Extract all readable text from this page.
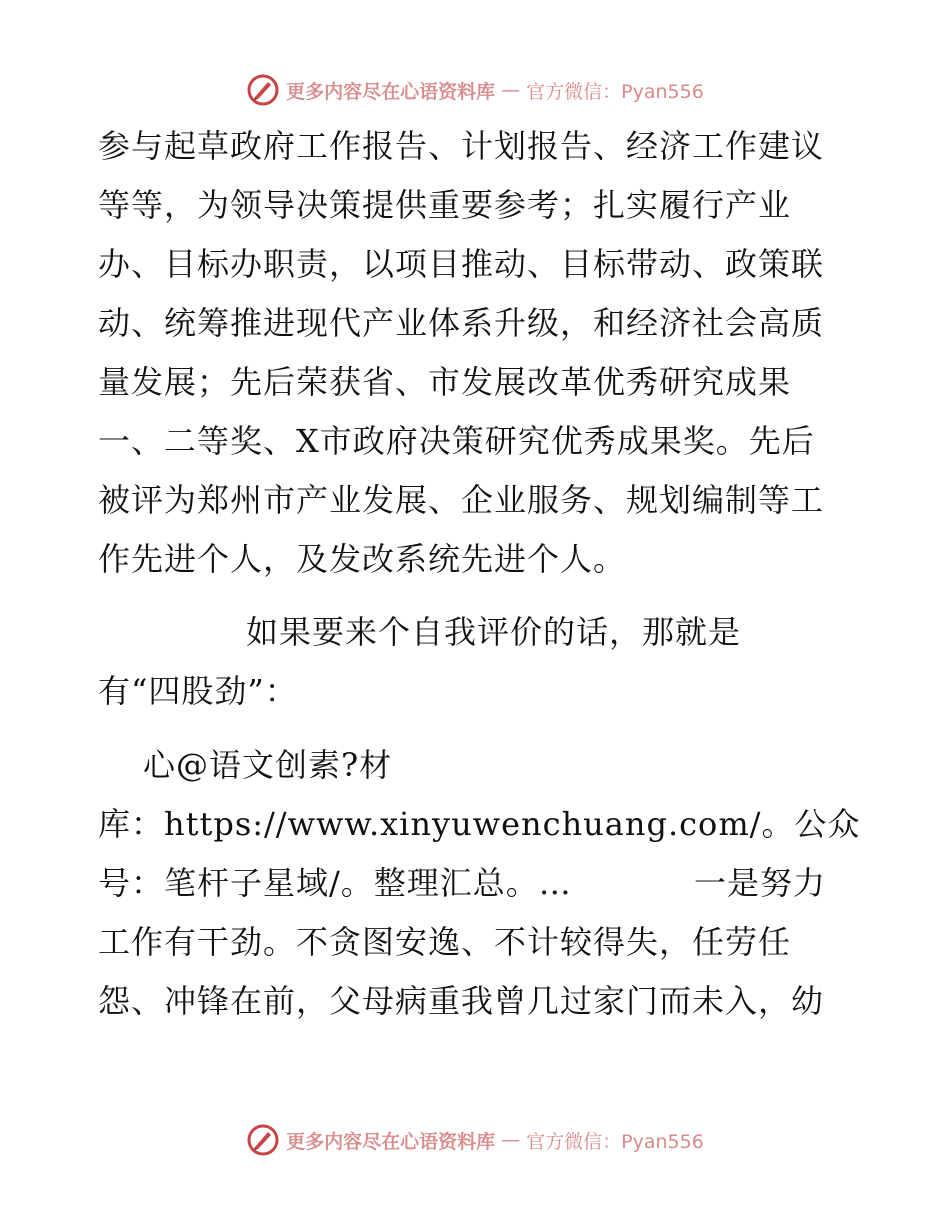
更多内容尽在心语资料库 — 官方微信：Pyan556
参与起草政府工作报告、计划报告、经济工作建议
等等，为领导决策提供重要参考；扎实履行产业
办、目标办职责，以项目推动、目标带动、政策联
动、统筹推进现代产业体系升级，和经济社会高质
量发展；先后荣获省、市发展改革优秀研究成果
一、二等奖、X市政府决策研究优秀成果奖。先后
被评为郑州市产业发展、企业服务、规划编制等工
作先进个人，及发改系统先进个人。
如果要来个自我评价的话，那就是
有“四股劲”：
心@语文创素?材
库：https://www.xinyuwenchuang.com/。公众
号：笔杆子星域/。整理汇总。…	一是努力
工作有干劲。不贪图安逸、不计较得失，任劳任
怨、冲锋在前，父母病重我曾几过家门而未入，幼
更多内容尽在心语资料库 — 官方微信：Pyan556
